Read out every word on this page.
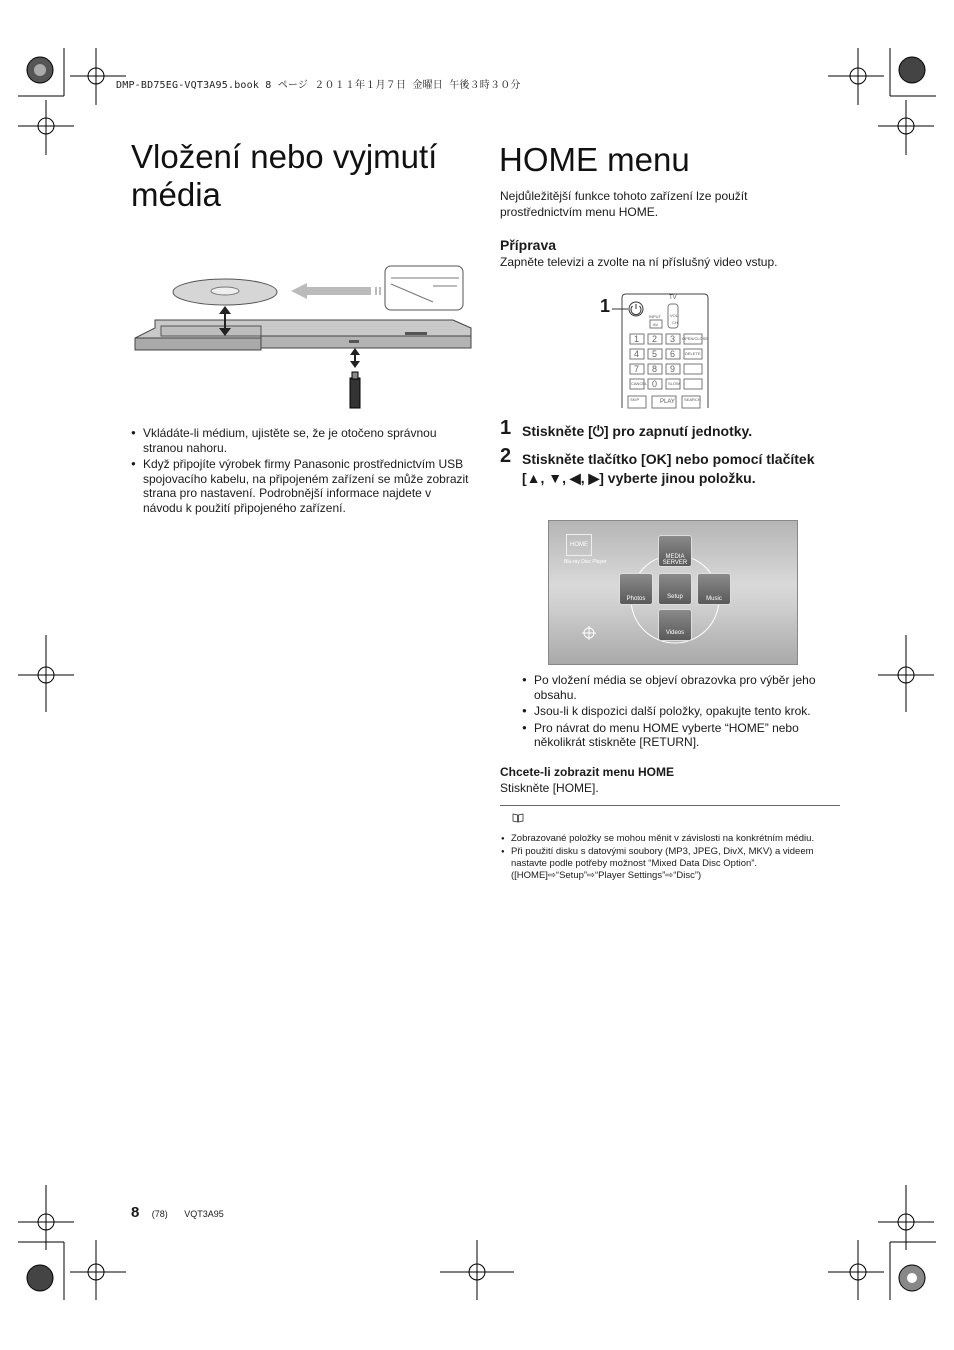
DMP-BD75EG-VQT3A95.book 8 ページ ２０１１年１月７日 金曜日 午後３時３０分
Vložení nebo vyjmutí média
● Vkládáte-li médium, ujistěte se, že je otočeno správnou stranou nahoru.
● Když připojíte výrobek firmy Panasonic prostřednictvím USB spojovacího kabelu, na připojeném zařízení se může zobrazit strana pro nastavení. Podrobnější informace najdete v návodu k použití připojeného zařízení.
HOME menu
Nejdůležitější funkce tohoto zařízení lze použít prostřednictvím menu HOME.
Příprava
Zapněte televizi a zvolte na ní příslušný video vstup.
1	TV
INPUT
AV
VOL
CH
OPEN/CLOSE
DELETE
SKIP
CANCEL	SLOW
SEARCH
PLAY
1 2 3
4 5 6
7 8 9
0
1 Stiskněte [⏻] pro zapnutí jednotky.
2 Stiskněte tlačítko [OK] nebo pomocí tlačítek [▲, ▼, ◀, ▶] vyberte jinou položku.
HOME
Blu-ray Disc Player
MEDIA SERVER
Photos	Setup	Music
Videos
● Po vložení média se objeví obrazovka pro výběr jeho obsahu.
● Jsou-li k dispozici další položky, opakujte tento krok.
● Pro návrat do menu HOME vyberte “HOME” nebo několikrát stiskněte [RETURN].
Chcete-li zobrazit menu HOME
Stiskněte [HOME].
● Zobrazované položky se mohou měnit v závislosti na konkrétním médiu.
● Při použití disku s datovými soubory (MP3, JPEG, DivX, MKV) a videem nastavte podle potřeby možnost “Mixed Data Disc Option”. ([HOME]⇨“Setup”⇨“Player Settings”⇨“Disc”)
8 (78) VQT3A95
